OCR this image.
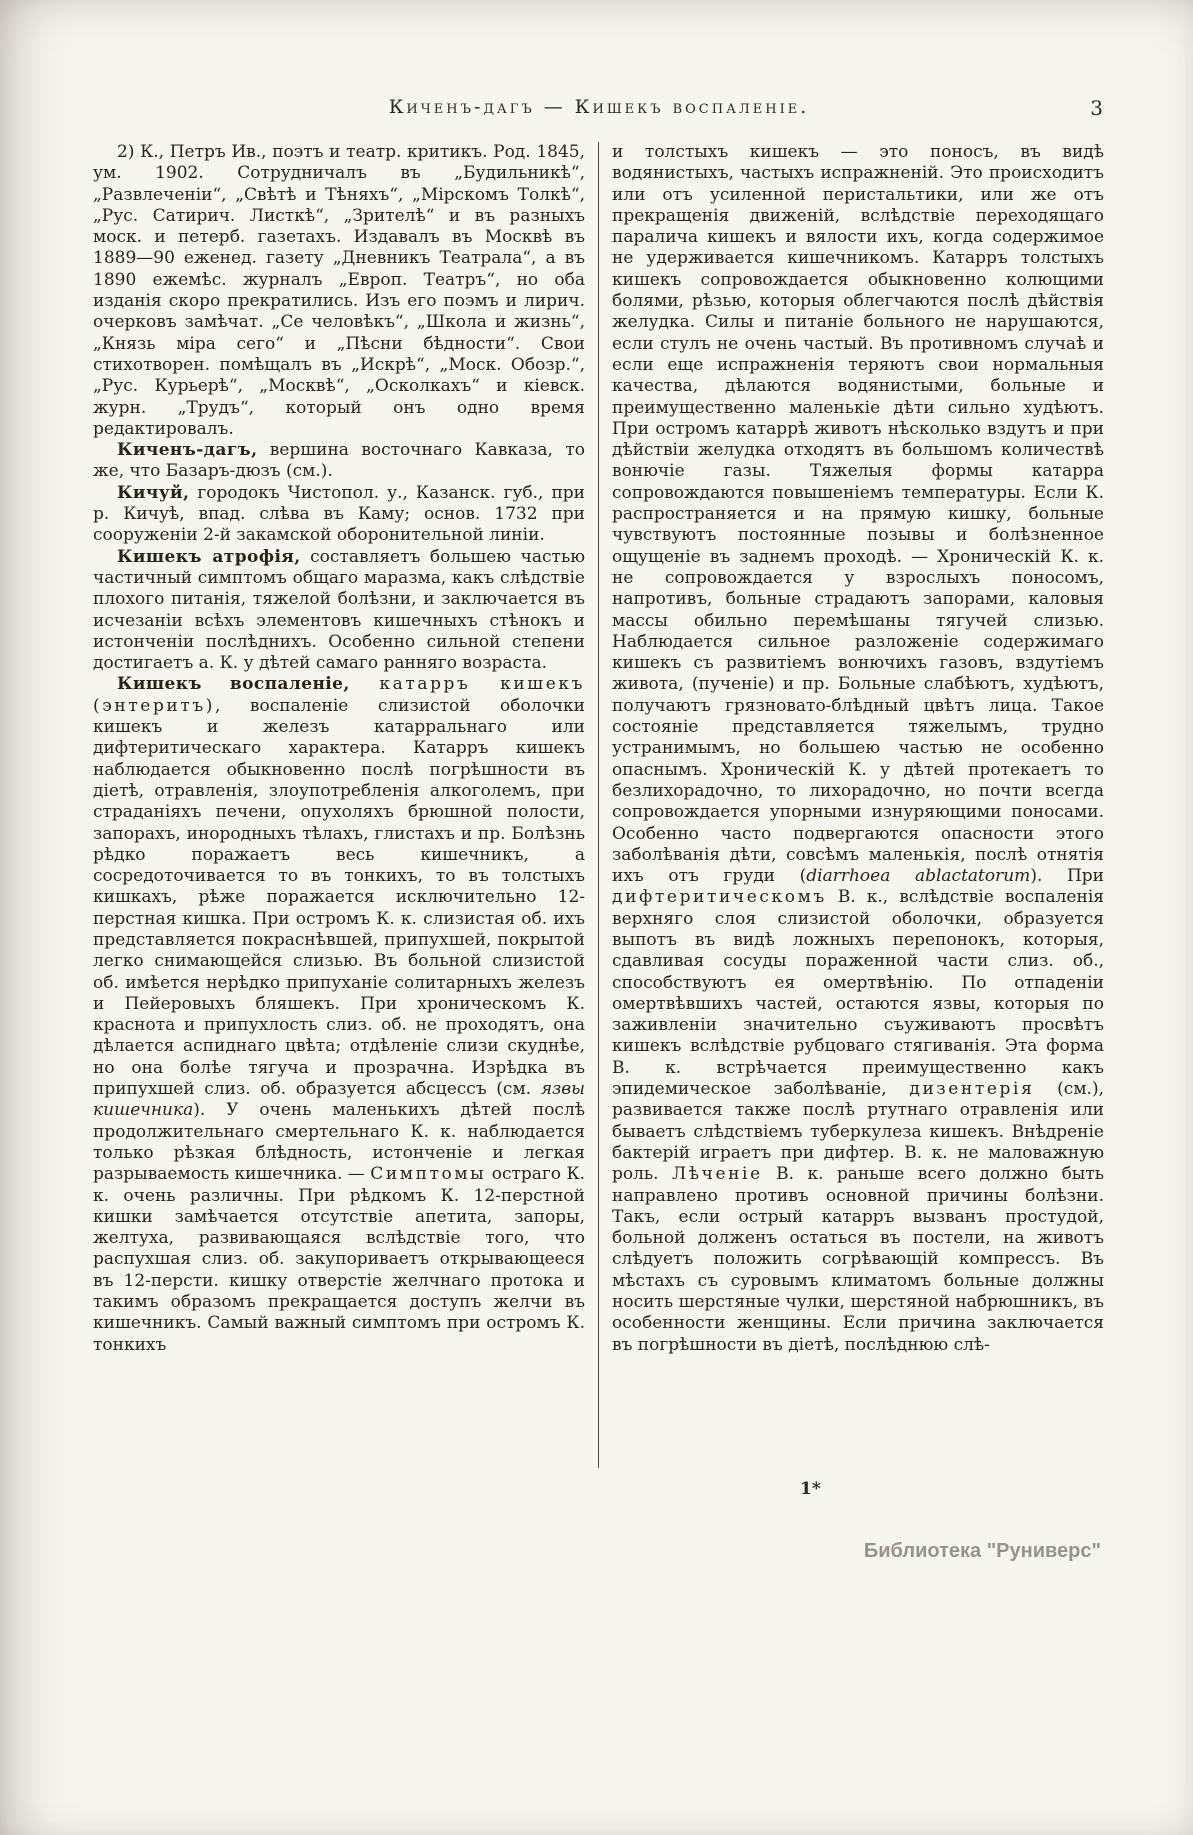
Киченъ-дагъ — Кишекъ воспаленіе.	3

2) К., Петръ Ив., поэтъ и театр. критикъ. Род. 1845, ум. 1902. Сотрудничалъ въ „Будильникѣ“, „Развлеченіи“, „Свѣтѣ и Тѣняхъ“, „Мірскомъ Толкѣ“, „Рус. Сатирич. Листкѣ“, „Зрителѣ“ и въ разныхъ моск. и петерб. газетахъ. Издавалъ въ Москвѣ въ 1889—90 еженед. газету „Дневникъ Театрала“, а въ 1890 ежемѣс. журналъ „Европ. Театръ“, но оба изданія скоро прекратились. Изъ его поэмъ и лирич. очерковъ замѣчат. „Се человѣкъ“, „Школа и жизнь“, „Князь міра сего“ и „Пѣсни бѣдности“. Свои стихотворен. помѣщалъ въ „Искрѣ“, „Моск. Обозр.“, „Рус. Курьерѣ“, „Москвѣ“, „Осколкахъ“ и кіевск. журн. „Трудъ“, который онъ одно время редактировалъ.

Киченъ-дагъ, вершина восточнаго Кавказа, то же, что Базаръ-дюзъ (см.).

Кичуй, городокъ Чистопол. у., Казанск. губ., при р. Кичуѣ, впад. слѣва въ Каму; основ. 1732 при сооруженіи 2-й закамской оборонительной линіи.

Кишекъ атрофія, составляетъ большею частью частичный симптомъ общаго маразма, какъ слѣдствіе плохого питанія, тяжелой болѣзни, и заключается въ исчезаніи всѣхъ элементовъ кишечныхъ стѣнокъ и истонченіи послѣднихъ. Особенно сильной степени достигаетъ а. К. у дѣтей самаго ранняго возраста.

Кишекъ воспаленіе, катарръ кишекъ (энтеритъ), воспаленіе слизистой оболочки кишекъ и железъ катарральнаго или дифтеритическаго характера. Катарръ кишекъ наблюдается обыкновенно послѣ погрѣшности въ діетѣ, отравленія, злоупотребленія алкоголемъ, при страданіяхъ печени, опухоляхъ брюшной полости, запорахъ, инородныхъ тѣлахъ, глистахъ и пр. Болѣзнь рѣдко поражаетъ весь кишечникъ, а сосредоточивается то въ тонкихъ, то въ толстыхъ кишкахъ, рѣже поражается исключительно 12-перстная кишка. При остромъ К. к. слизистая об. ихъ представляется покраснѣвшей, припухшей, покрытой легко снимающейся слизью. Въ больной слизистой об. имѣется нерѣдко припуханіе солитарныхъ железъ и Пейеровыхъ бляшекъ. При хроническомъ К. краснота и припухлость слиз. об. не проходятъ, она дѣлается аспиднаго цвѣта; отдѣленіе слизи скуднѣе, но она болѣе тягуча и прозрачна. Изрѣдка въ припухшей слиз. об. образуется абсцессъ (см. язвы кишечника). У очень маленькихъ дѣтей послѣ продолжительнаго смертельнаго К. к. наблюдается только рѣзкая блѣдность, истонченіе и легкая разрываемость кишечника. — Симптомы остраго К. к. очень различны. При рѣдкомъ К. 12-перстной кишки замѣчается отсутствіе апетита, запоры, желтуха, развивающаяся вслѣдствіе того, что распухшая слиз. об. закупориваетъ открывающееся въ 12-персти. кишку отверстіе желчнаго протока и такимъ образомъ прекращается доступъ желчи въ кишечникъ. Самый важный симптомъ при остромъ К. тонкихъ

и толстыхъ кишекъ — это поносъ, въ видѣ водянистыхъ, частыхъ испражненій. Это происходитъ или отъ усиленной перистальтики, или же отъ прекращенія движеній, вслѣдствіе переходящаго паралича кишекъ и вялости ихъ, когда содержимое не удерживается кишечникомъ. Катарръ толстыхъ кишекъ сопровождается обыкновенно колющими болями, рѣзью, которыя облегчаются послѣ дѣйствія желудка. Силы и питаніе больного не нарушаются, если стулъ не очень частый. Въ противномъ случаѣ и если еще испражненія теряютъ свои нормальныя качества, дѣлаются водянистыми, больные и преимущественно маленькіе дѣти сильно худѣютъ. При остромъ катаррѣ животъ нѣсколько вздутъ и при дѣйствіи желудка отходятъ въ большомъ количествѣ вонючіе газы. Тяжелыя формы катарра сопровождаются повышеніемъ температуры. Если К. распространяется и на прямую кишку, больные чувствуютъ постоянные позывы и болѣзненное ощущеніе въ заднемъ проходѣ. — Хроническій К. к. не сопровождается у взрослыхъ поносомъ, напротивъ, больные страдаютъ запорами, каловыя массы обильно перемѣшаны тягучей слизью. Наблюдается сильное разложеніе содержимаго кишекъ съ развитіемъ вонючихъ газовъ, вздутіемъ живота, (пученіе) и пр. Больные слабѣютъ, худѣютъ, получаютъ грязновато-блѣдный цвѣтъ лица. Такое состояніе представляется тяжелымъ, трудно устранимымъ, но большею частью не особенно опаснымъ. Хроническій К. у дѣтей протекаетъ то безлихорадочно, то лихорадочно, но почти всегда сопровождается упорными изнуряющими поносами. Особенно часто подвергаются опасности этого заболѣванія дѣти, совсѣмъ маленькія, послѣ отнятія ихъ отъ груди (diarrhoea ablactatorum). При дифтеритическомъ В. к., вслѣдствіе воспаленія верхняго слоя слизистой оболочки, образуется выпотъ въ видѣ ложныхъ перепонокъ, которыя, сдавливая сосуды пораженной части слиз. об., способствуютъ ея омертвѣнію. По отпаденіи омертвѣвшихъ частей, остаются язвы, которыя по заживленіи значительно съуживаютъ просвѣтъ кишекъ вслѣдствіе рубцоваго стягиванія. Эта форма В. к. встрѣчается преимущественно какъ эпидемическое заболѣваніе, дизентерія (см.), развивается также послѣ ртутнаго отравленія или бываетъ слѣдствіемъ туберкулеза кишекъ. Внѣдреніе бактерій играетъ при дифтер. В. к. не маловажную роль. Лѣченіе В. к. раньше всего должно быть направлено противъ основной причины болѣзни. Такъ, если острый катарръ вызванъ простудой, больной долженъ остаться въ постели, на животъ слѣдуетъ положить согрѣвающій компрессъ. Въ мѣстахъ съ суровымъ климатомъ больные должны носить шерстяные чулки, шерстяной набрюшникъ, въ особенности женщины. Если причина заключается въ погрѣшности въ діетѣ, послѣднюю слѣ-

1*
Библиотека "Руниверс"
